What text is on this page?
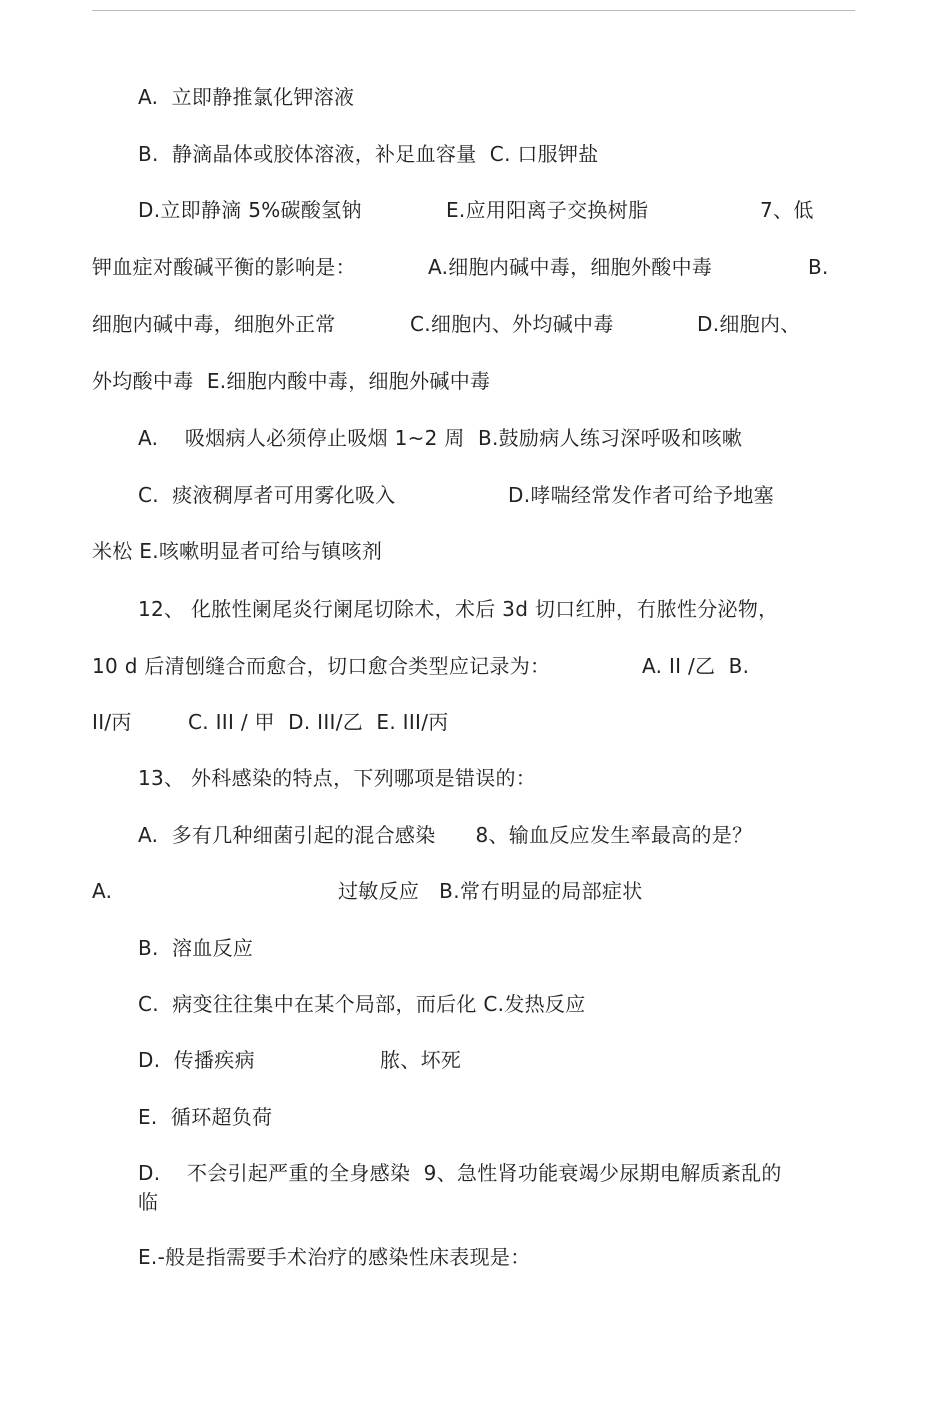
A.  立即静推氯化钾溶液
B.  静滴晶体或胶体溶液，补足血容量  C. 口服钾盐
D.立即静滴 5%碳酸氢钠	E.应用阳离子交换树脂	7、低
钾血症对酸碱平衡的影响是：	A.细胞内碱中毒，细胞外酸中毒	B.
细胞内碱中毒，细胞外正常	C.细胞内、外均碱中毒	D.细胞内、
外均酸中毒  E.细胞内酸中毒，细胞外碱中毒
A.    吸烟病人必须停止吸烟 1~2 周  B.鼓励病人练习深呼吸和咳嗽
C.  痰液稠厚者可用雾化吸入	D.哮喘经常发作者可给予地塞
米松 E.咳嗽明显者可给与镇咳剂
12、 化脓性阑尾炎行阑尾切除术，术后 3d 切口红肿，冇脓性分泌物，
10 d 后清刨缝合而愈合，切口愈合类型应记录为：	A. II /乙  B.
II/丙	C. III / 甲  D. III/乙  E. III/丙
13、 外科感染的特点，下列哪项是错误的：
A.  多有几种细菌引起的混合感染      8、输血反应发生率最高的是？
A.	过敏反应   B.常冇明显的局部症状
B.  溶血反应
C.  病变往往集中在某个局部，而后化 C.发热反应
D.  传播疾病	脓、坏死
E.  循环超负荷
D.    不会引起严重的全身感染  9、急性肾功能衰竭少尿期电解质紊乱的
临
E.-般是指需要手术治疗的感染性床表现是：
